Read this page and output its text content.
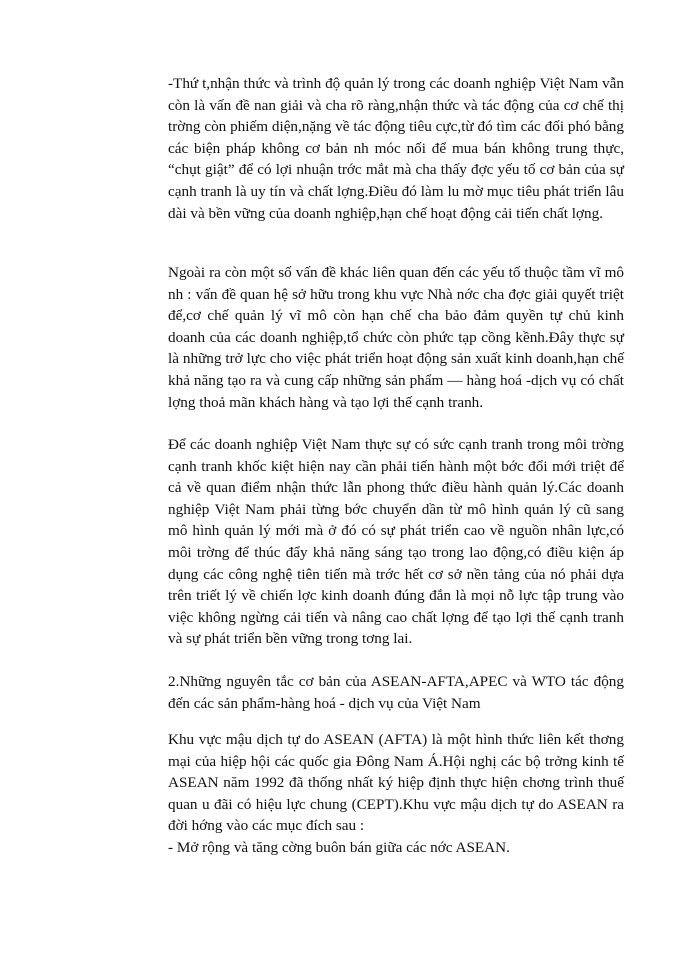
-Thứ t,nhận thức và trình độ quản lý trong các doanh nghiệp Việt Nam vẫn còn là vấn đề nan giải và cha rõ ràng,nhận thức và tác động của cơ chế thị trờng còn phiếm diện,nặng về tác động tiêu cực,từ đó tìm các đối phó bằng các biện pháp không cơ bản nh móc nối để mua bán không trung thực, “chụt giật” để có lợi nhuận trớc mắt mà cha thấy đợc yếu tố cơ bản của sự cạnh tranh là uy tín và chất lợng.Điều đó làm lu mờ mục tiêu phát triển lâu dài và bền vững của doanh nghiệp,hạn chế hoạt động cải tiến chất lợng.

Ngoài ra còn một số vấn đề khác liên quan đến các yếu tố thuộc tầm vĩ mô nh : vấn đề quan hệ sở hữu trong khu vực Nhà nớc cha đợc giải quyết triệt để,cơ chế quản lý vĩ mô còn hạn chế cha bảo đảm quyền tự chủ kinh doanh của các doanh nghiệp,tổ chức còn phức tạp cồng kềnh.Đây thực sự là những trở lực cho việc phát triển hoạt động sản xuất kinh doanh,hạn chế khả năng tạo ra và cung cấp những sản phẩm — hàng hoá -dịch vụ có chất lợng thoả mãn khách hàng và tạo lợi thế cạnh tranh.

Để các doanh nghiệp Việt Nam thực sự có sức cạnh tranh trong môi trờng cạnh tranh khốc kiệt hiện nay cần phải tiến hành một bớc đổi mới triệt để cả về quan điểm nhận thức lẫn phong thức điều hành quản lý.Các doanh nghiệp Việt Nam phải từng bớc chuyển dần từ mô hình quản lý cũ sang mô hình quản lý mới mà ở đó có sự phát triển cao về nguồn nhân lực,có môi trờng để thúc đẩy khả năng sáng tạo trong lao động,có điều kiện áp dụng các công nghệ tiên tiến mà trớc hết cơ sở nền tảng của nó phải dựa trên triết lý về chiến lợc kinh doanh đúng đắn là mọi nỗ lực tập trung vào việc không ngừng cải tiến và nâng cao chất lợng để tạo lợi thế cạnh tranh và sự phát triển bền vững trong tơng lai.

2.Những nguyên tắc cơ bản của ASEAN-AFTA,APEC và WTO tác động đến các sản phẩm-hàng hoá - dịch vụ của Việt Nam

Khu vực mậu dịch tự do ASEAN (AFTA) là một hình thức liên kết thơng mại của hiệp hội các quốc gia Đông Nam Á.Hội nghị các bộ trởng kinh tế ASEAN năm 1992 đã thống nhất ký hiệp định thực hiện chơng trình thuế quan u đãi có hiệu lực chung (CEPT).Khu vực mậu dịch tự do ASEAN ra đời hớng vào các mục đích sau :

- Mở rộng và tăng cờng buôn bán giữa các nớc ASEAN.
